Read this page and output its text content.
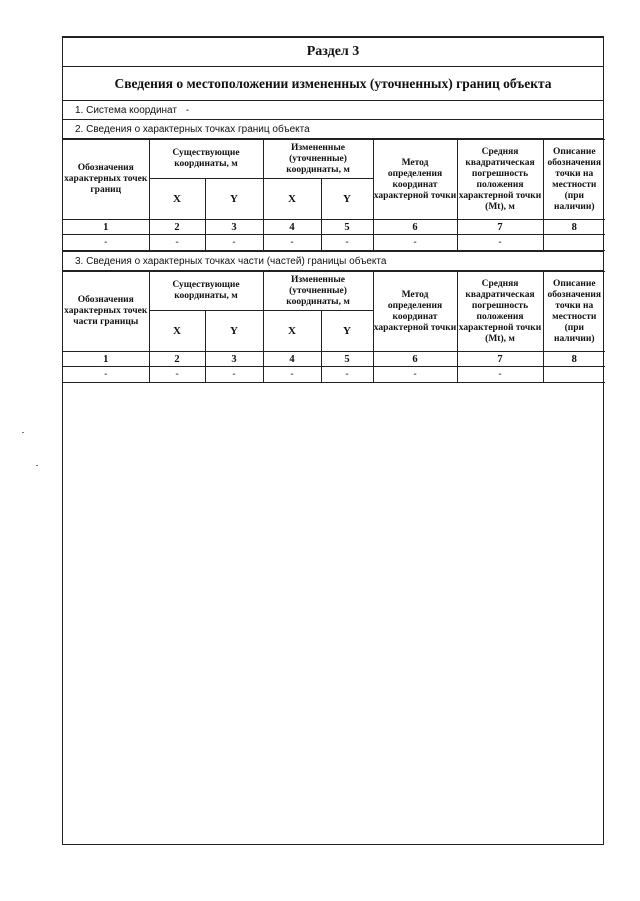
Раздел 3
Сведения о местоположении измененных (уточненных) границ объекта
1. Система координат -
2. Сведения о характерных точках границ объекта
Обозначения характерных точек границ	Существующие координаты, м		Измененные (уточненные) координаты, м		Метод определения координат характерной точки	Средняя квадратическая погрешность положения характерной точки (Mt), м	Описание обозначения точки на местности (при наличии)
	X	Y	X	Y			
1	2	3	4	5	6	7	8
-	-	-	-	-	-	-	
3. Сведения о характерных точках части (частей) границы объекта
Обозначения характерных точек части границы	Существующие координаты, м		Измененные (уточненные) координаты, м		Метод определения координат характерной точки	Средняя квадратическая погрешность положения характерной точки (Mt), м	Описание обозначения точки на местности (при наличии)
	X	Y	X	Y			
1	2	3	4	5	6	7	8
-	-	-	-	-	-	-	
